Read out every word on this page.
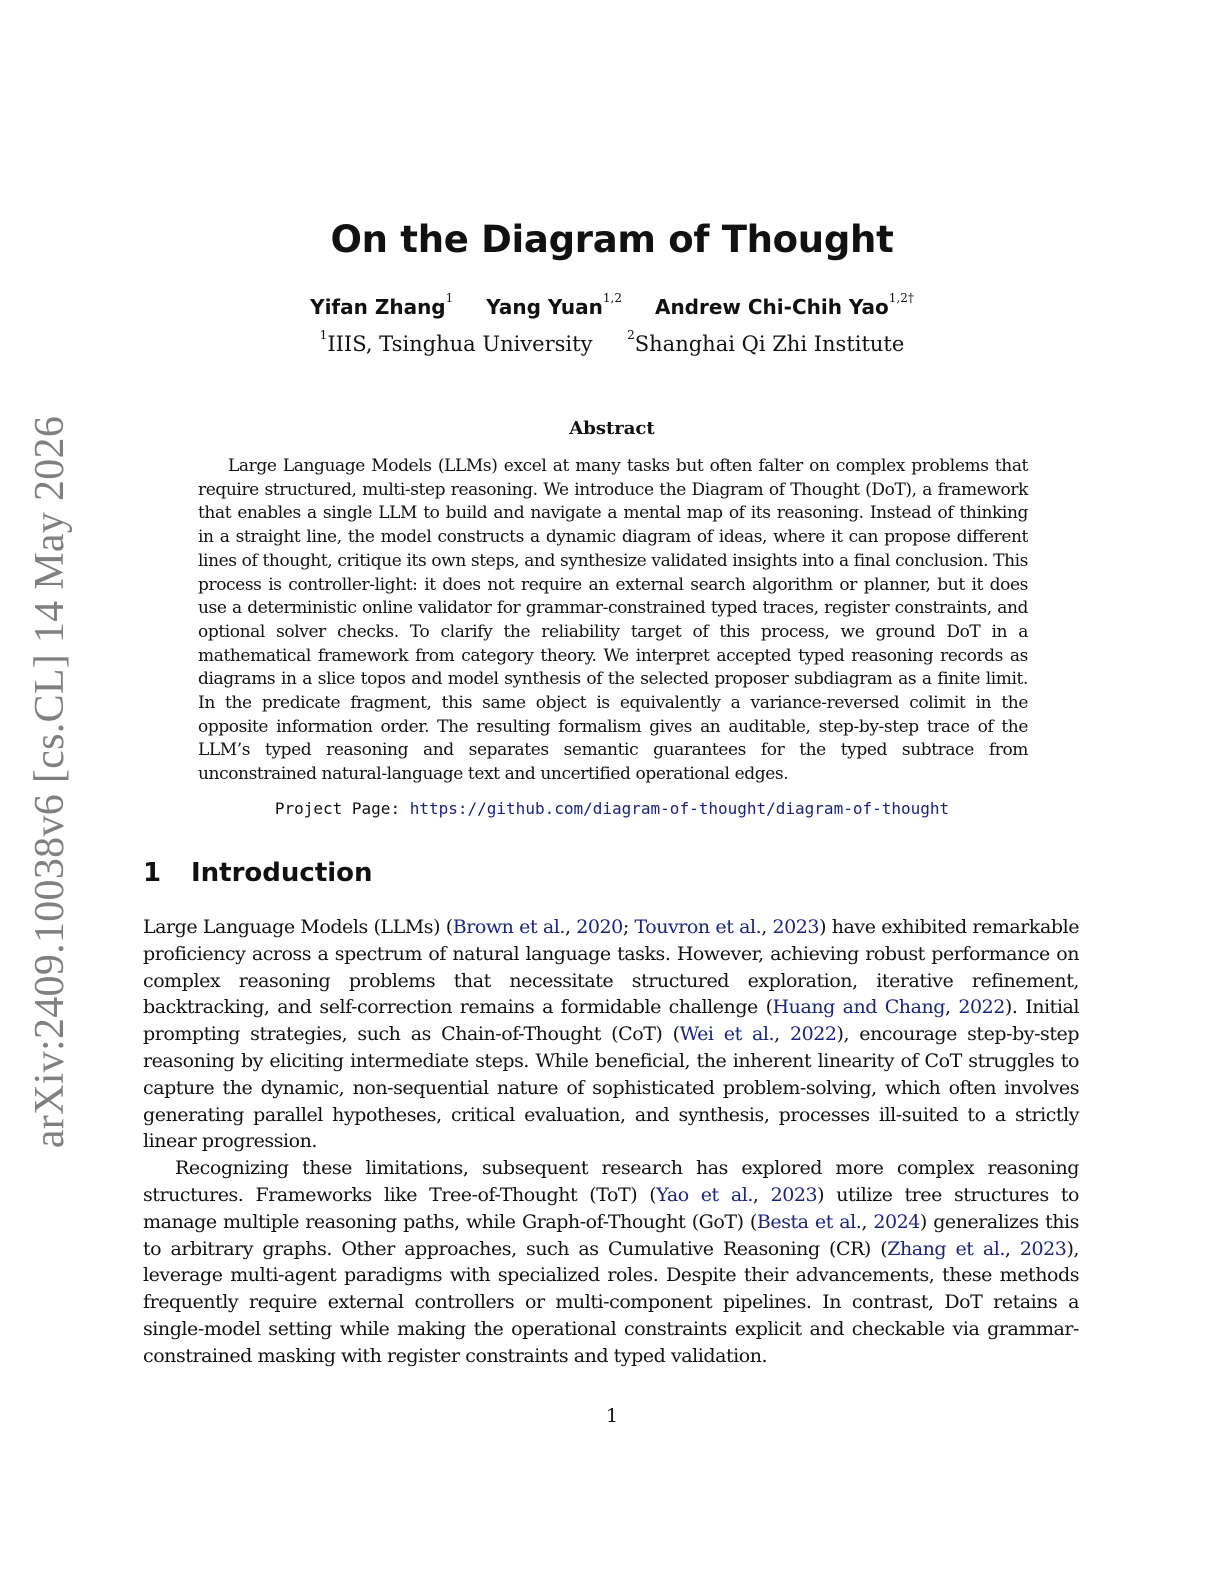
arXiv:2409.10038v6 [cs.CL] 14 May 2026
On the Diagram of Thought
Yifan Zhang$^1$ Yang Yuan$^{1,2}$ Andrew Chi-Chih Yao$^{1,2\dagger}$
$^1$IIIS, Tsinghua University	$^2$Shanghai Qi Zhi Institute
Abstract
Large Language Models (LLMs) excel at many tasks but often falter on complex problems that require structured, multi-step reasoning. We introduce the Diagram of Thought (DoT), a framework that enables a single LLM to build and navigate a mental map of its reasoning. Instead of thinking in a straight line, the model constructs a dynamic diagram of ideas, where it can propose different lines of thought, critique its own steps, and synthesize validated insights into a final conclusion. This process is controller-light: it does not require an external search algorithm or planner, but it does use a deterministic online validator for grammar-constrained typed traces, register constraints, and optional solver checks. To clarify the reliability target of this process, we ground DoT in a mathematical framework from category theory. We interpret accepted typed reasoning records as diagrams in a slice topos and model synthesis of the selected proposer subdiagram as a finite limit. In the predicate fragment, this same object is equivalently a variance-reversed colimit in the opposite information order. The resulting formalism gives an auditable, step-by-step trace of the LLM’s typed reasoning and separates semantic guarantees for the typed subtrace from unconstrained natural-language text and uncertified operational edges.
Project Page: https://github.com/diagram-of-thought/diagram-of-thought
1 Introduction

Large Language Models (LLMs) (Brown et al., 2020; Touvron et al., 2023) have exhibited remarkable proficiency across a spectrum of natural language tasks. However, achieving robust performance on complex reasoning problems that necessitate structured exploration, iterative refinement, backtracking, and self-correction remains a formidable challenge (Huang and Chang, 2022). Initial prompting strategies, such as Chain-of-Thought (CoT) (Wei et al., 2022), encourage step-by-step reasoning by eliciting intermediate steps. While beneficial, the inherent linearity of CoT struggles to capture the dynamic, non-sequential nature of sophisticated problem-solving, which often involves generating parallel hypotheses, critical evaluation, and synthesis, processes ill-suited to a strictly linear progression.

Recognizing these limitations, subsequent research has explored more complex reasoning structures. Frameworks like Tree-of-Thought (ToT) (Yao et al., 2023) utilize tree structures to manage multiple reasoning paths, while Graph-of-Thought (GoT) (Besta et al., 2024) generalizes this to arbitrary graphs. Other approaches, such as Cumulative Reasoning (CR) (Zhang et al., 2023), leverage multi-agent paradigms with specialized roles. Despite their advancements, these methods frequently require external controllers or multi-component pipelines. In contrast, DoT retains a single-model setting while making the operational constraints explicit and checkable via grammar-constrained masking with register constraints and typed validation.

1
